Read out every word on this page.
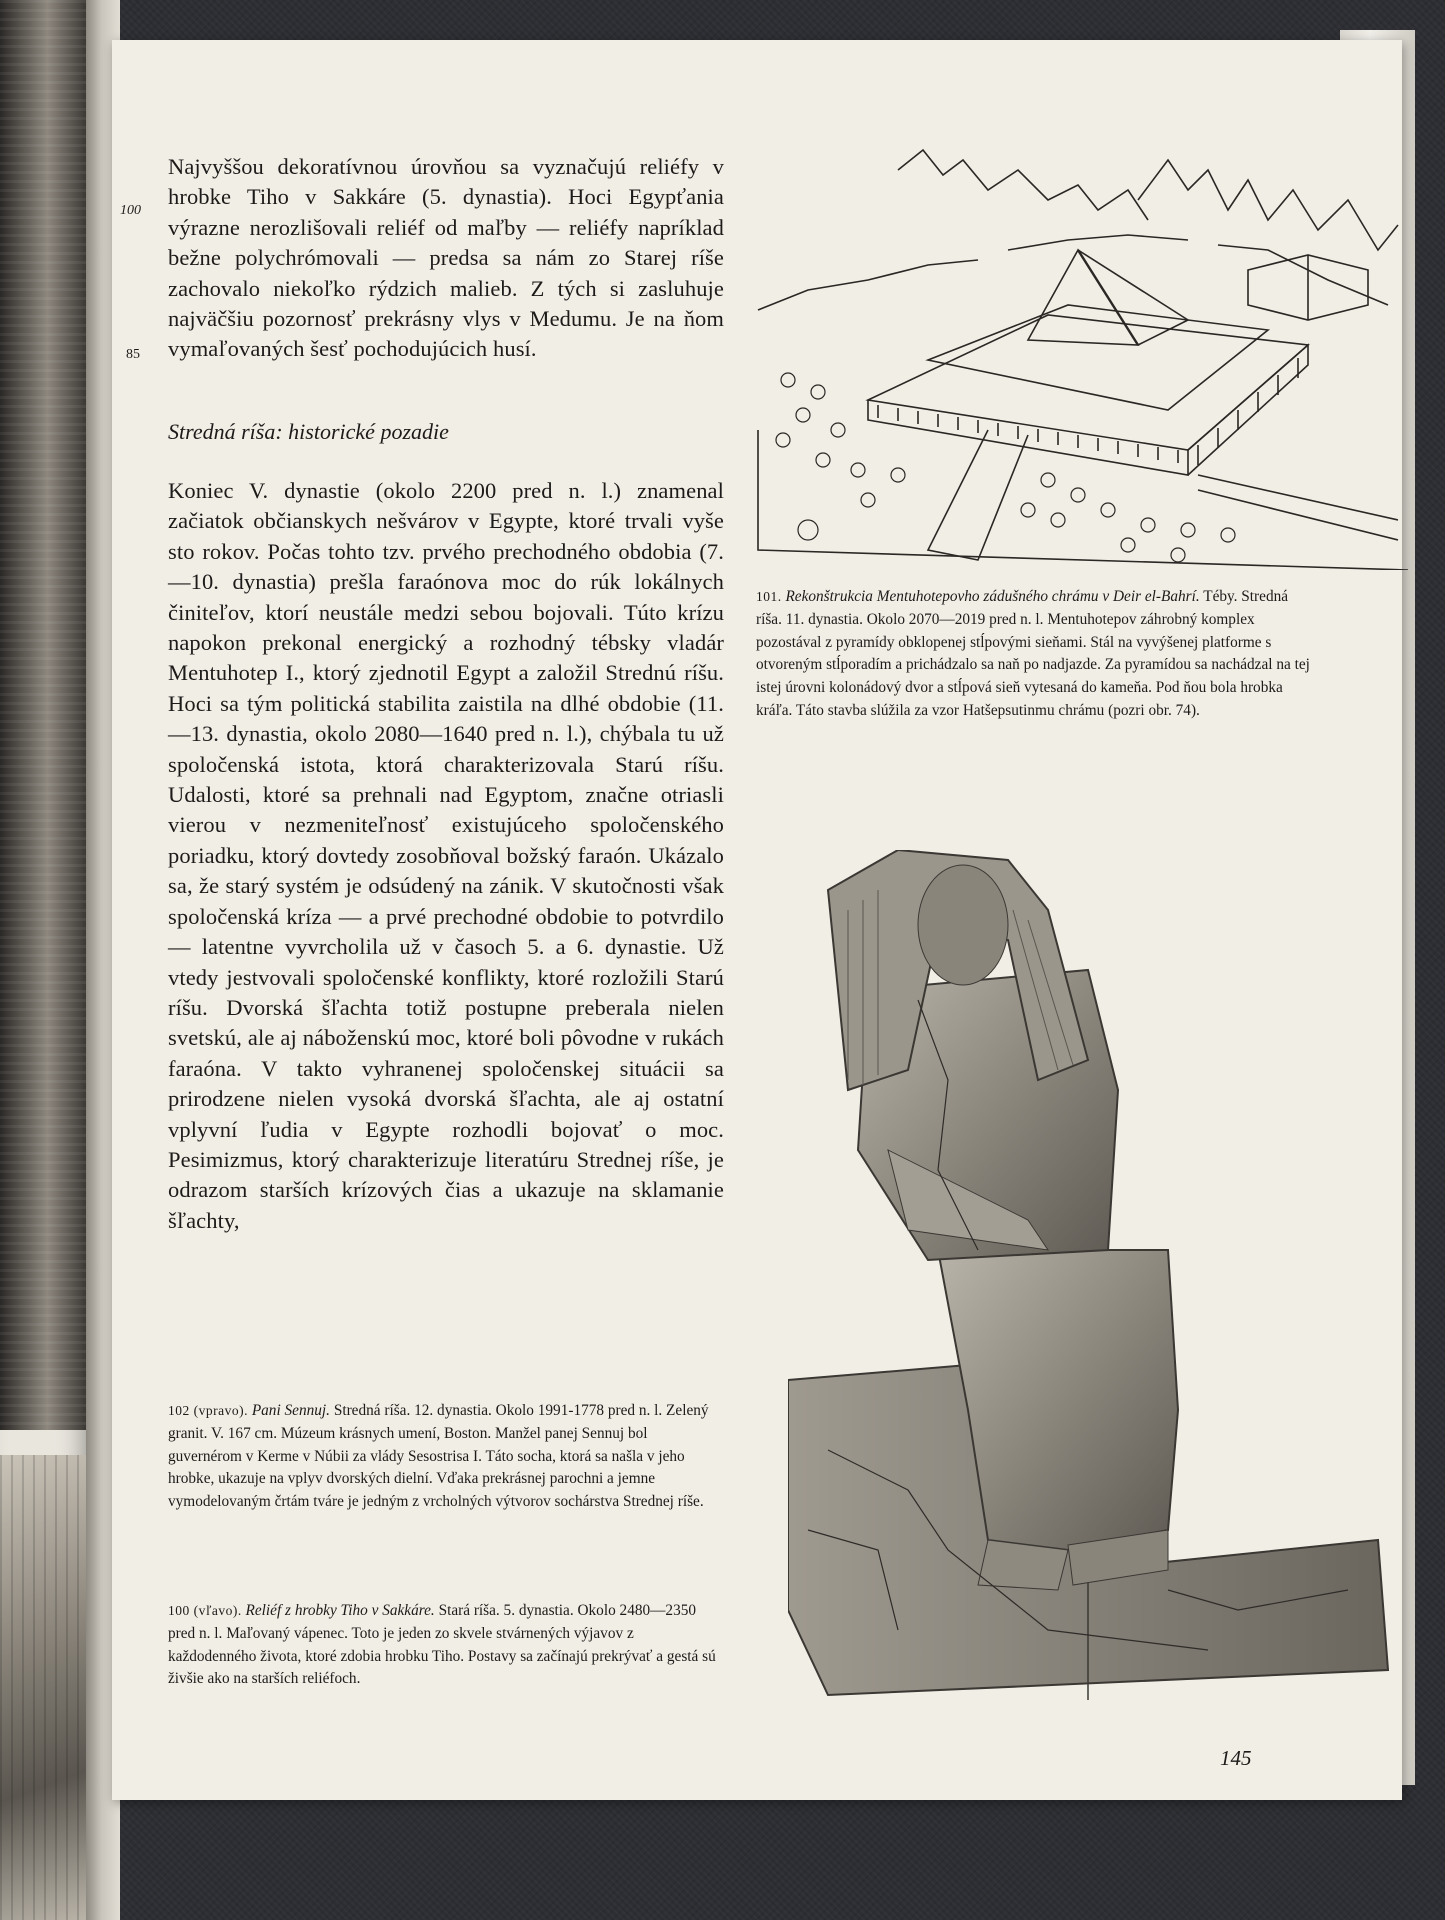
100
85

Najvyššou dekoratívnou úrovňou sa vyznačujú reliéfy v hrobke Tiho v Sakkáre (5. dynastia). Hoci Egypťania výrazne nerozlišovali reliéf od maľby — reliéfy napríklad bežne polychrómovali — predsa sa nám zo Starej ríše zachovalo niekoľko rýdzich malieb. Z tých si zasluhuje najväčšiu pozornosť prekrásny vlys v Medumu. Je na ňom vymaľovaných šesť pochodujúcich husí.

Stredná ríša: historické pozadie

Koniec V. dynastie (okolo 2200 pred n. l.) znamenal začiatok občianskych nešvárov v Egypte, ktoré trvali vyše sto rokov. Počas tohto tzv. prvého prechodného obdobia (7.—10. dynastia) prešla faraónova moc do rúk lokálnych činiteľov, ktorí neustále medzi sebou bojovali. Túto krízu napokon prekonal energický a rozhodný tébsky vladár Mentuhotep I., ktorý zjednotil Egypt a založil Strednú ríšu. Hoci sa tým politická stabilita zaistila na dlhé obdobie (11.—13. dynastia, okolo 2080—1640 pred n. l.), chýbala tu už spoločenská istota, ktorá charakterizovala Starú ríšu. Udalosti, ktoré sa prehnali nad Egyptom, značne otriasli vierou v nezmeniteľnosť existujúceho spoločenského poriadku, ktorý dovtedy zosobňoval božský faraón. Ukázalo sa, že starý systém je odsúdený na zánik. V skutočnosti však spoločenská kríza — a prvé prechodné obdobie to potvrdilo — latentne vyvrcholila už v časoch 5. a 6. dynastie. Už vtedy jestvovali spoločenské konflikty, ktoré rozložili Starú ríšu. Dvorská šľachta totiž postupne preberala nielen svetskú, ale aj náboženskú moc, ktoré boli pôvodne v rukách faraóna. V takto vyhranenej spoločenskej situácii sa prirodzene nielen vysoká dvorská šľachta, ale aj ostatní vplyvní ľudia v Egypte rozhodli bojovať o moc. Pesimizmus, ktorý charakterizuje literatúru Strednej ríše, je odrazom starších krízových čias a ukazuje na sklamanie šľachty,

101. Rekonštrukcia Mentuhotepovho zádušného chrámu v Deir el-Bahrí. Téby. Stredná ríša. 11. dynastia. Okolo 2070—2019 pred n. l. Mentuhotepov záhrobný komplex pozostával z pyramídy obklopenej stĺpovými sieňami. Stál na vyvýšenej platforme s otvoreným stĺporadím a prichádzalo sa naň po nadjazde. Za pyramídou sa nachádzal na tej istej úrovni kolonádový dvor a stĺpová sieň vytesaná do kameňa. Pod ňou bola hrobka kráľa. Táto stavba slúžila za vzor Hatšepsutinmu chrámu (pozri obr. 74).

102 (vpravo). Pani Sennuj. Stredná ríša. 12. dynastia. Okolo 1991-1778 pred n. l. Zelený granit. V. 167 cm. Múzeum krásnych umení, Boston. Manžel panej Sennuj bol guvernérom v Kerme v Núbii za vlády Sesostrisa I. Táto socha, ktorá sa našla v jeho hrobke, ukazuje na vplyv dvorských dielní. Vďaka prekrásnej parochni a jemne vymodelovaným črtám tváre je jedným z vrcholných výtvorov sochárstva Strednej ríše.

100 (vľavo). Reliéf z hrobky Tiho v Sakkáre. Stará ríša. 5. dynastia. Okolo 2480—2350 pred n. l. Maľovaný vápenec. Toto je jeden zo skvele stvárnených výjavov z každodenného života, ktoré zdobia hrobku Tiho. Postavy sa začínajú prekrývať a gestá sú živšie ako na starších reliéfoch.

145
